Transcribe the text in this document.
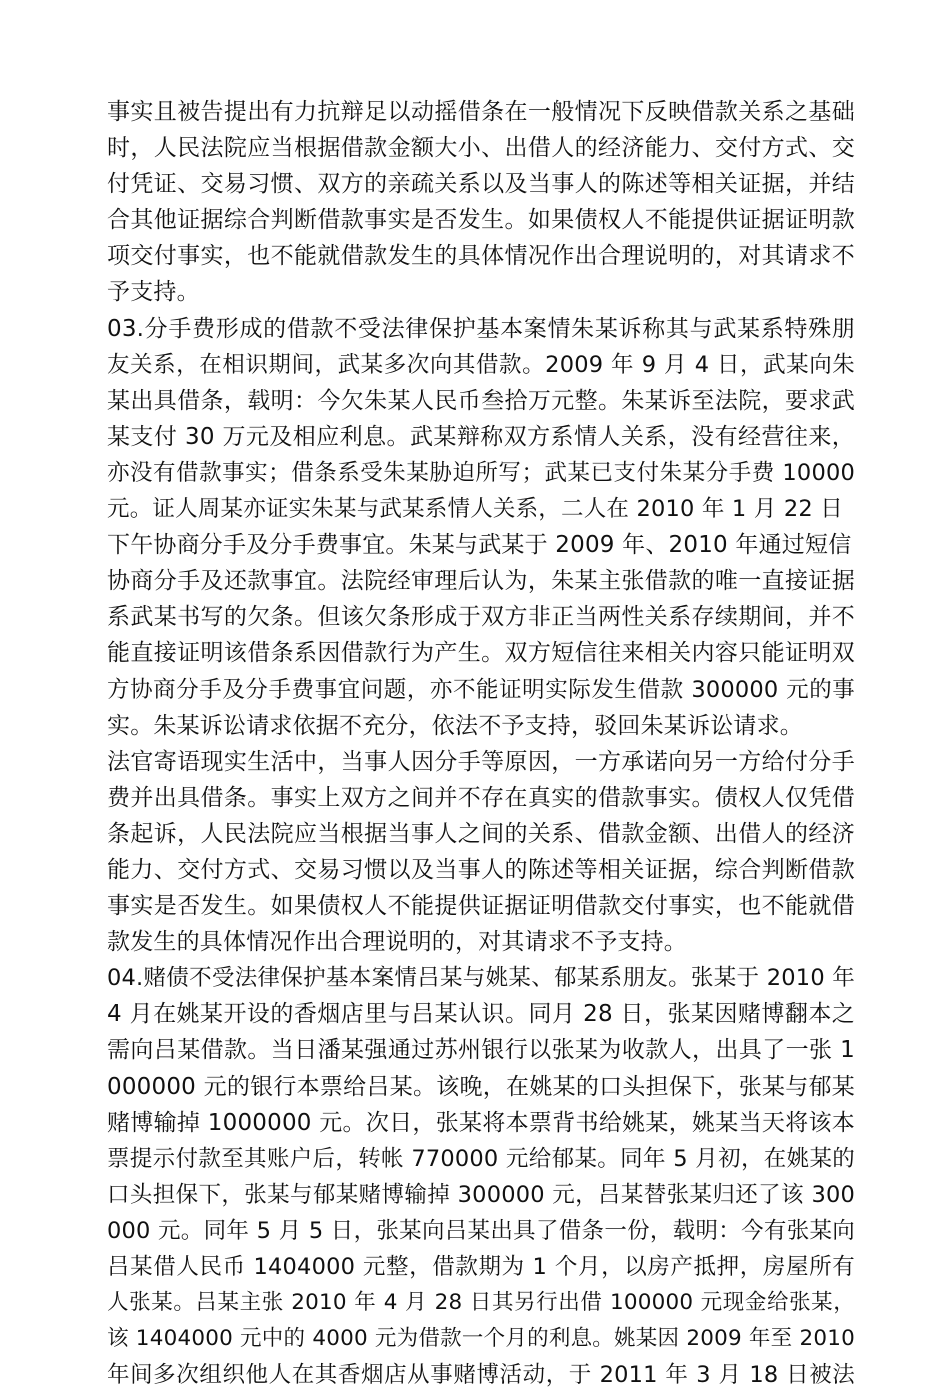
事实且被告提出有力抗辩足以动摇借条在一般情况下反映借款关系之基础
时，人民法院应当根据借款金额大小、出借人的经济能力、交付方式、交
付凭证、交易习惯、双方的亲疏关系以及当事人的陈述等相关证据，并结
合其他证据综合判断借款事实是否发生。如果债权人不能提供证据证明款
项交付事实，也不能就借款发生的具体情况作出合理说明的，对其请求不
予支持。
03.分手费形成的借款不受法律保护基本案情朱某诉称其与武某系特殊朋
友关系，在相识期间，武某多次向其借款。2009 年 9 月 4 日，武某向朱
某出具借条，载明：今欠朱某人民币叁拾万元整。朱某诉至法院，要求武
某支付 30 万元及相应利息。武某辩称双方系情人关系，没有经营往来，
亦没有借款事实；借条系受朱某胁迫所写；武某已支付朱某分手费 10000
元。证人周某亦证实朱某与武某系情人关系，二人在 2010 年 1 月 22 日
下午协商分手及分手费事宜。朱某与武某于 2009 年、2010 年通过短信
协商分手及还款事宜。法院经审理后认为，朱某主张借款的唯一直接证据
系武某书写的欠条。但该欠条形成于双方非正当两性关系存续期间，并不
能直接证明该借条系因借款行为产生。双方短信往来相关内容只能证明双
方协商分手及分手费事宜问题，亦不能证明实际发生借款 300000 元的事
实。朱某诉讼请求依据不充分，依法不予支持，驳回朱某诉讼请求。
法官寄语现实生活中，当事人因分手等原因，一方承诺向另一方给付分手
费并出具借条。事实上双方之间并不存在真实的借款事实。债权人仅凭借
条起诉，人民法院应当根据当事人之间的关系、借款金额、出借人的经济
能力、交付方式、交易习惯以及当事人的陈述等相关证据，综合判断借款
事实是否发生。如果债权人不能提供证据证明借款交付事实，也不能就借
款发生的具体情况作出合理说明的，对其请求不予支持。
04.赌债不受法律保护基本案情吕某与姚某、郁某系朋友。张某于 2010 年
4 月在姚某开设的香烟店里与吕某认识。同月 28 日，张某因赌博翻本之
需向吕某借款。当日潘某强通过苏州银行以张某为收款人，出具了一张 1
000000 元的银行本票给吕某。该晚，在姚某的口头担保下，张某与郁某
赌博输掉 1000000 元。次日，张某将本票背书给姚某，姚某当天将该本
票提示付款至其账户后，转帐 770000 元给郁某。同年 5 月初，在姚某的
口头担保下，张某与郁某赌博输掉 300000 元，吕某替张某归还了该 300
000 元。同年 5 月 5 日，张某向吕某出具了借条一份，载明：今有张某向
吕某借人民币 1404000 元整，借款期为 1 个月，以房产抵押，房屋所有
人张某。吕某主张 2010 年 4 月 28 日其另行出借 100000 元现金给张某，
该 1404000 元中的 4000 元为借款一个月的利息。姚某因 2009 年至 2010
年间多次组织他人在其香烟店从事赌博活动，于 2011 年 3 月 18 日被法
